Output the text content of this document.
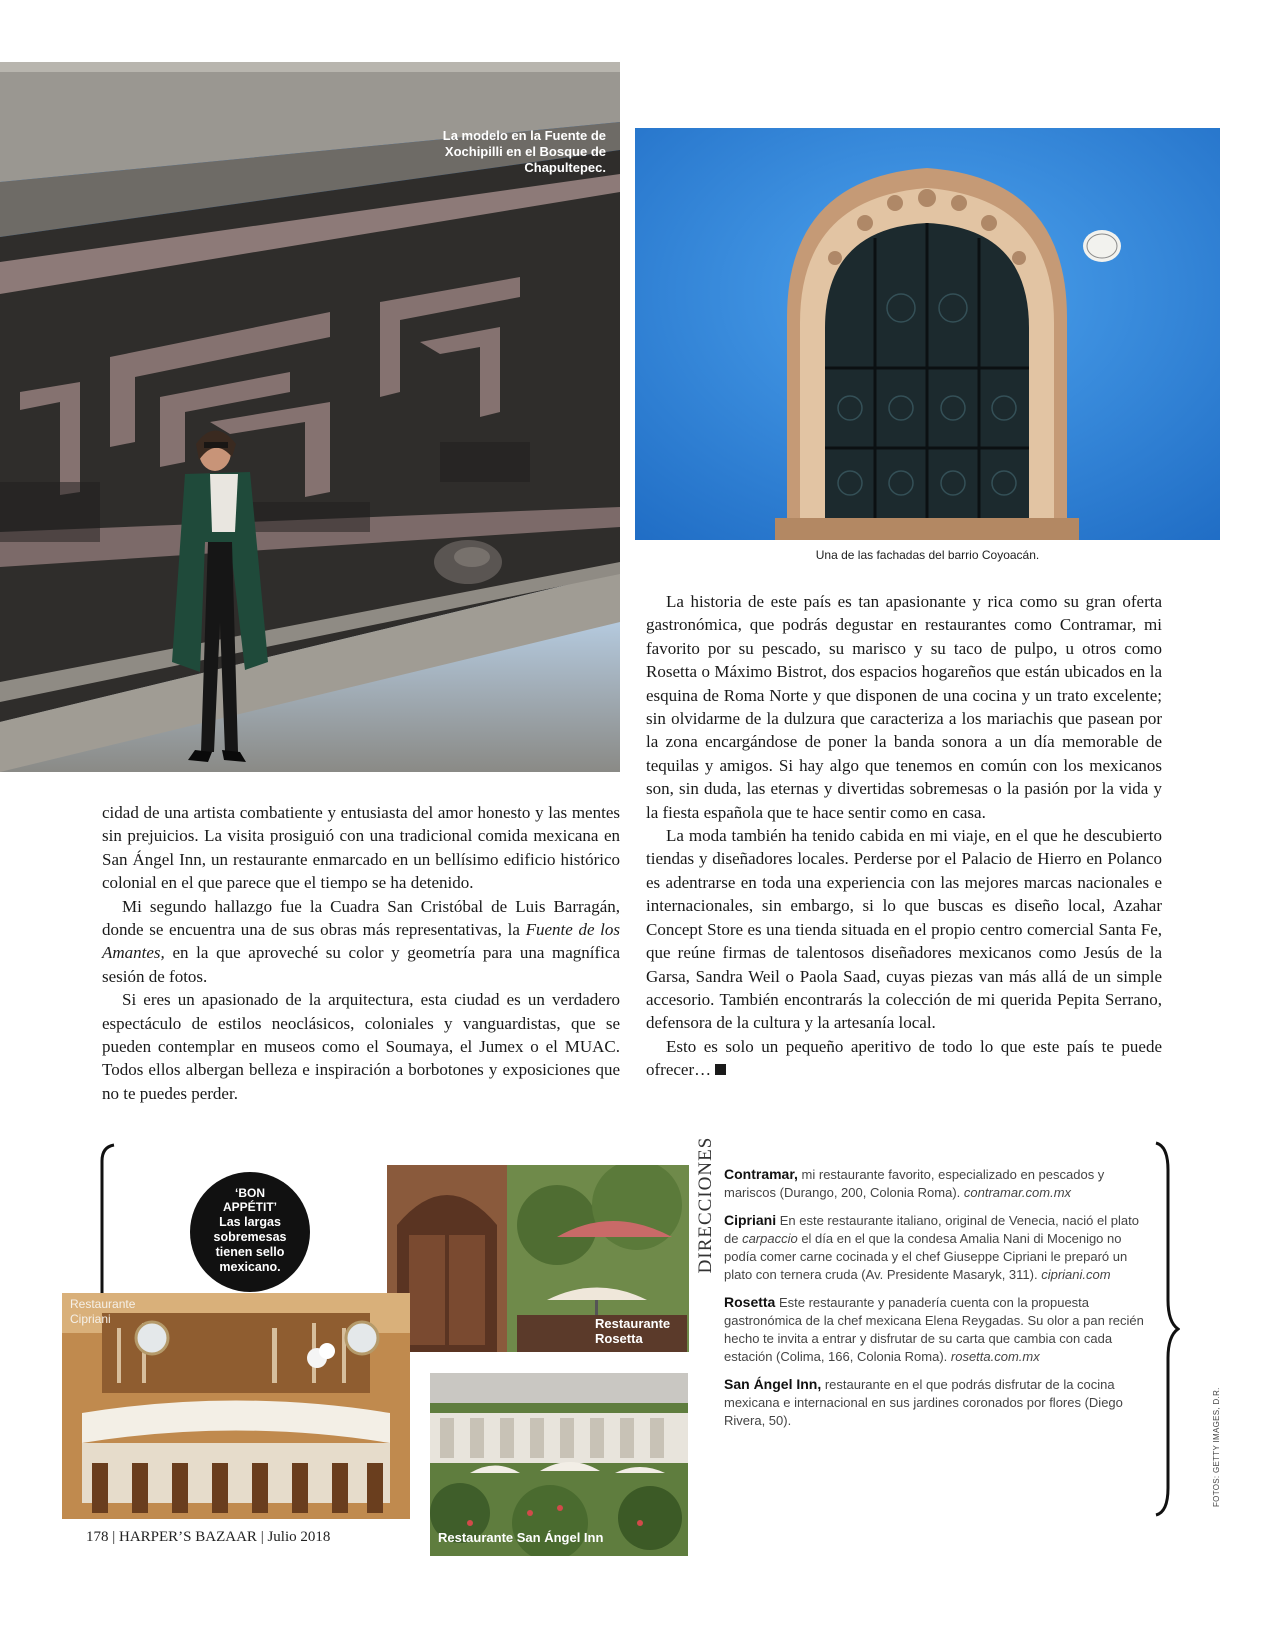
La modelo en la Fuente de Xochipilli en el Bosque de Chapultepec.
Una de las fachadas del barrio Coyoacán.

cidad de una artista combatiente y entusiasta del amor honesto y las mentes sin prejuicios. La visita prosiguió con una tradicional comida mexicana en San Ángel Inn, un restaurante enmarcado en un bellísimo edificio histórico colonial en el que parece que el tiempo se ha detenido.

Mi segundo hallazgo fue la Cuadra San Cristóbal de Luis Barragán, donde se encuentra una de sus obras más representativas, la Fuente de los Amantes, en la que aproveché su color y geometría para una magnífica sesión de fotos.

Si eres un apasionado de la arquitectura, esta ciudad es un verdadero espectáculo de estilos neoclásicos, coloniales y vanguardistas, que se pueden contemplar en museos como el Soumaya, el Jumex o el MUAC. Todos ellos albergan belleza e inspiración a borbotones y exposiciones que no te puedes perder.

La historia de este país es tan apasionante y rica como su gran oferta gastronómica, que podrás degustar en restaurantes como Contramar, mi favorito por su pescado, su marisco y su taco de pulpo, u otros como Rosetta o Máximo Bistrot, dos espacios hogareños que están ubicados en la esquina de Roma Norte y que disponen de una cocina y un trato excelente; sin olvidarme de la dulzura que caracteriza a los mariachis que pasean por la zona encargándose de poner la banda sonora a un día memorable de tequilas y amigos. Si hay algo que tenemos en común con los mexicanos son, sin duda, las eternas y divertidas sobremesas o la pasión por la vida y la fiesta española que te hace sentir como en casa.

La moda también ha tenido cabida en mi viaje, en el que he descubierto tiendas y diseñadores locales. Perderse por el Palacio de Hierro en Polanco es adentrarse en toda una experiencia con las mejores marcas nacionales e internacionales, sin embargo, si lo que buscas es diseño local, Azahar Concept Store es una tienda situada en el propio centro comercial Santa Fe, que reúne firmas de talentosos diseñadores mexicanos como Jesús de la Garsa, Sandra Weil o Paola Saad, cuyas piezas van más allá de un simple accesorio. También encontrarás la colección de mi querida Pepita Serrano, defensora de la cultura y la artesanía local.

Esto es solo un pequeño aperitivo de todo lo que este país te puede ofrecer…

Restaurante Cipriani	Restaurante Rosetta
Restaurante San Ángel Inn
‘BON APPÉTIT’
Las largas sobremesas tienen sello mexicano.	DIRECCIONES Contramar, mi restaurante favorito, especializado en pescados y mariscos (Durango, 200, Colonia Roma). contramar.com.mx

Cipriani En este restaurante italiano, original de Venecia, nació el plato de carpaccio el día en el que la condesa Amalia Nani di Mocenigo no podía comer carne cocinada y el chef Giuseppe Cipriani le preparó un plato con ternera cruda (Av. Presidente Masaryk, 311). cipriani.com

Rosetta Este restaurante y panadería cuenta con la propuesta gastronómica de la chef mexicana Elena Reygadas. Su olor a pan recién hecho te invita a entrar y disfrutar de su carta que cambia con cada estación (Colima, 166, Colonia Roma). rosetta.com.mx

San Ángel Inn, restaurante en el que podrás disfrutar de la cocina mexicana e internacional en sus jardines coronados por flores (Diego Rivera, 50).	FOTOS: GETTY IMAGES, D.R.
178 | HARPER’S BAZAAR | Julio 2018
